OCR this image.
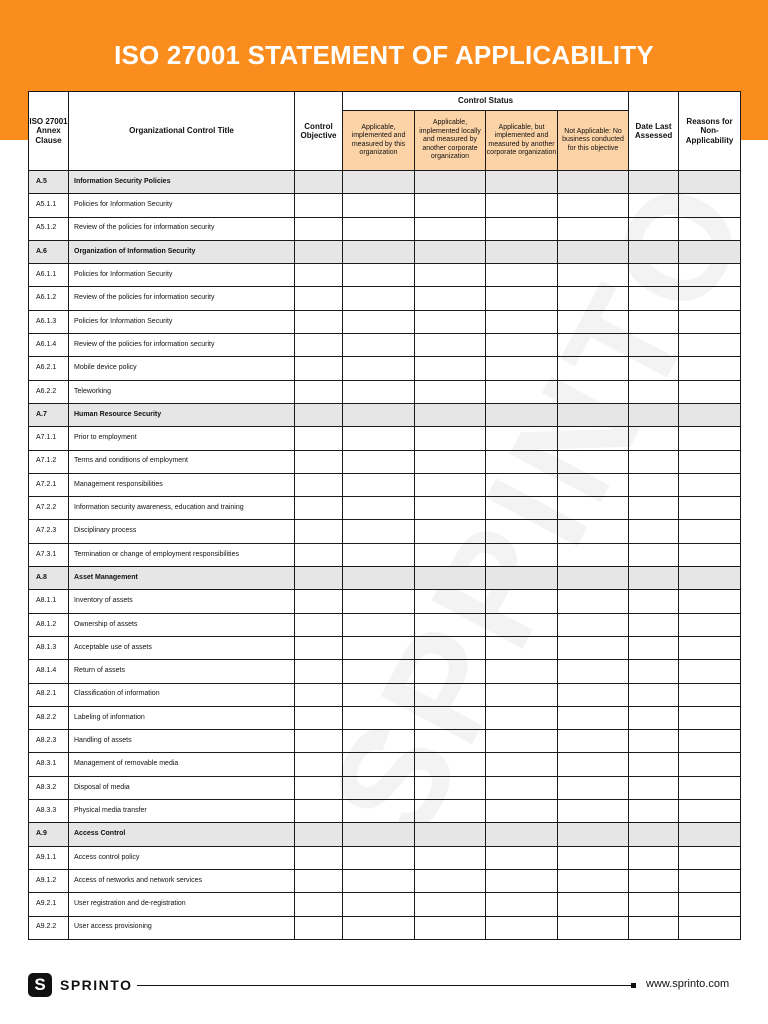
ISO 27001 STATEMENT OF APPLICABILITY
ISO 27001 Annex Clause	Organizational Control Title	Control Objective	Control Status				Date Last Assessed	Reasons for Non-Applicability
			Applicable, implemented and measured by this organization	Applicable, implemented locally and measured by another corporate organization	Applicable, but implemented and measured by another corporate organization	Not Applicable: No business conducted for this objective		
A.5	Information Security Policies							
A5.1.1	Policies for Information Security							
A5.1.2	Review of the policies for information security							
A.6	Organization of Information Security							
A6.1.1	Policies for Information Security							
A6.1.2	Review of the policies for information security							
A6.1.3	Policies for Information Security							
A6.1.4	Review of the policies for information security							
A6.2.1	Mobile device policy							
A6.2.2	Teleworking							
A.7	Human Resource Security							
A7.1.1	Prior to employment							
A7.1.2	Terms and conditions of employment							
A7.2.1	Management responsibilities							
A7.2.2	Information security awareness, education and training							
A7.2.3	Disciplinary process							
A7.3.1	Termination or change of employment responsibilities							
A.8	Asset Management							
A8.1.1	Inventory of assets							
A8.1.2	Ownership of assets							
A8.1.3	Acceptable use of assets							
A8.1.4	Return of assets							
A8.2.1	Classification of information							
A8.2.2	Labeling of information							
A8.2.3	Handling of assets							
A8.3.1	Management of removable media							
A8.3.2	Disposal of media							
A8.3.3	Physical media transfer							
A.9	Access Control							
A9.1.1	Access control policy							
A9.1.2	Access of networks and network services							
A9.2.1	User registration and de-registration							
A9.2.2	User access provisioning							
S	SPRINTO	www.sprinto.com
